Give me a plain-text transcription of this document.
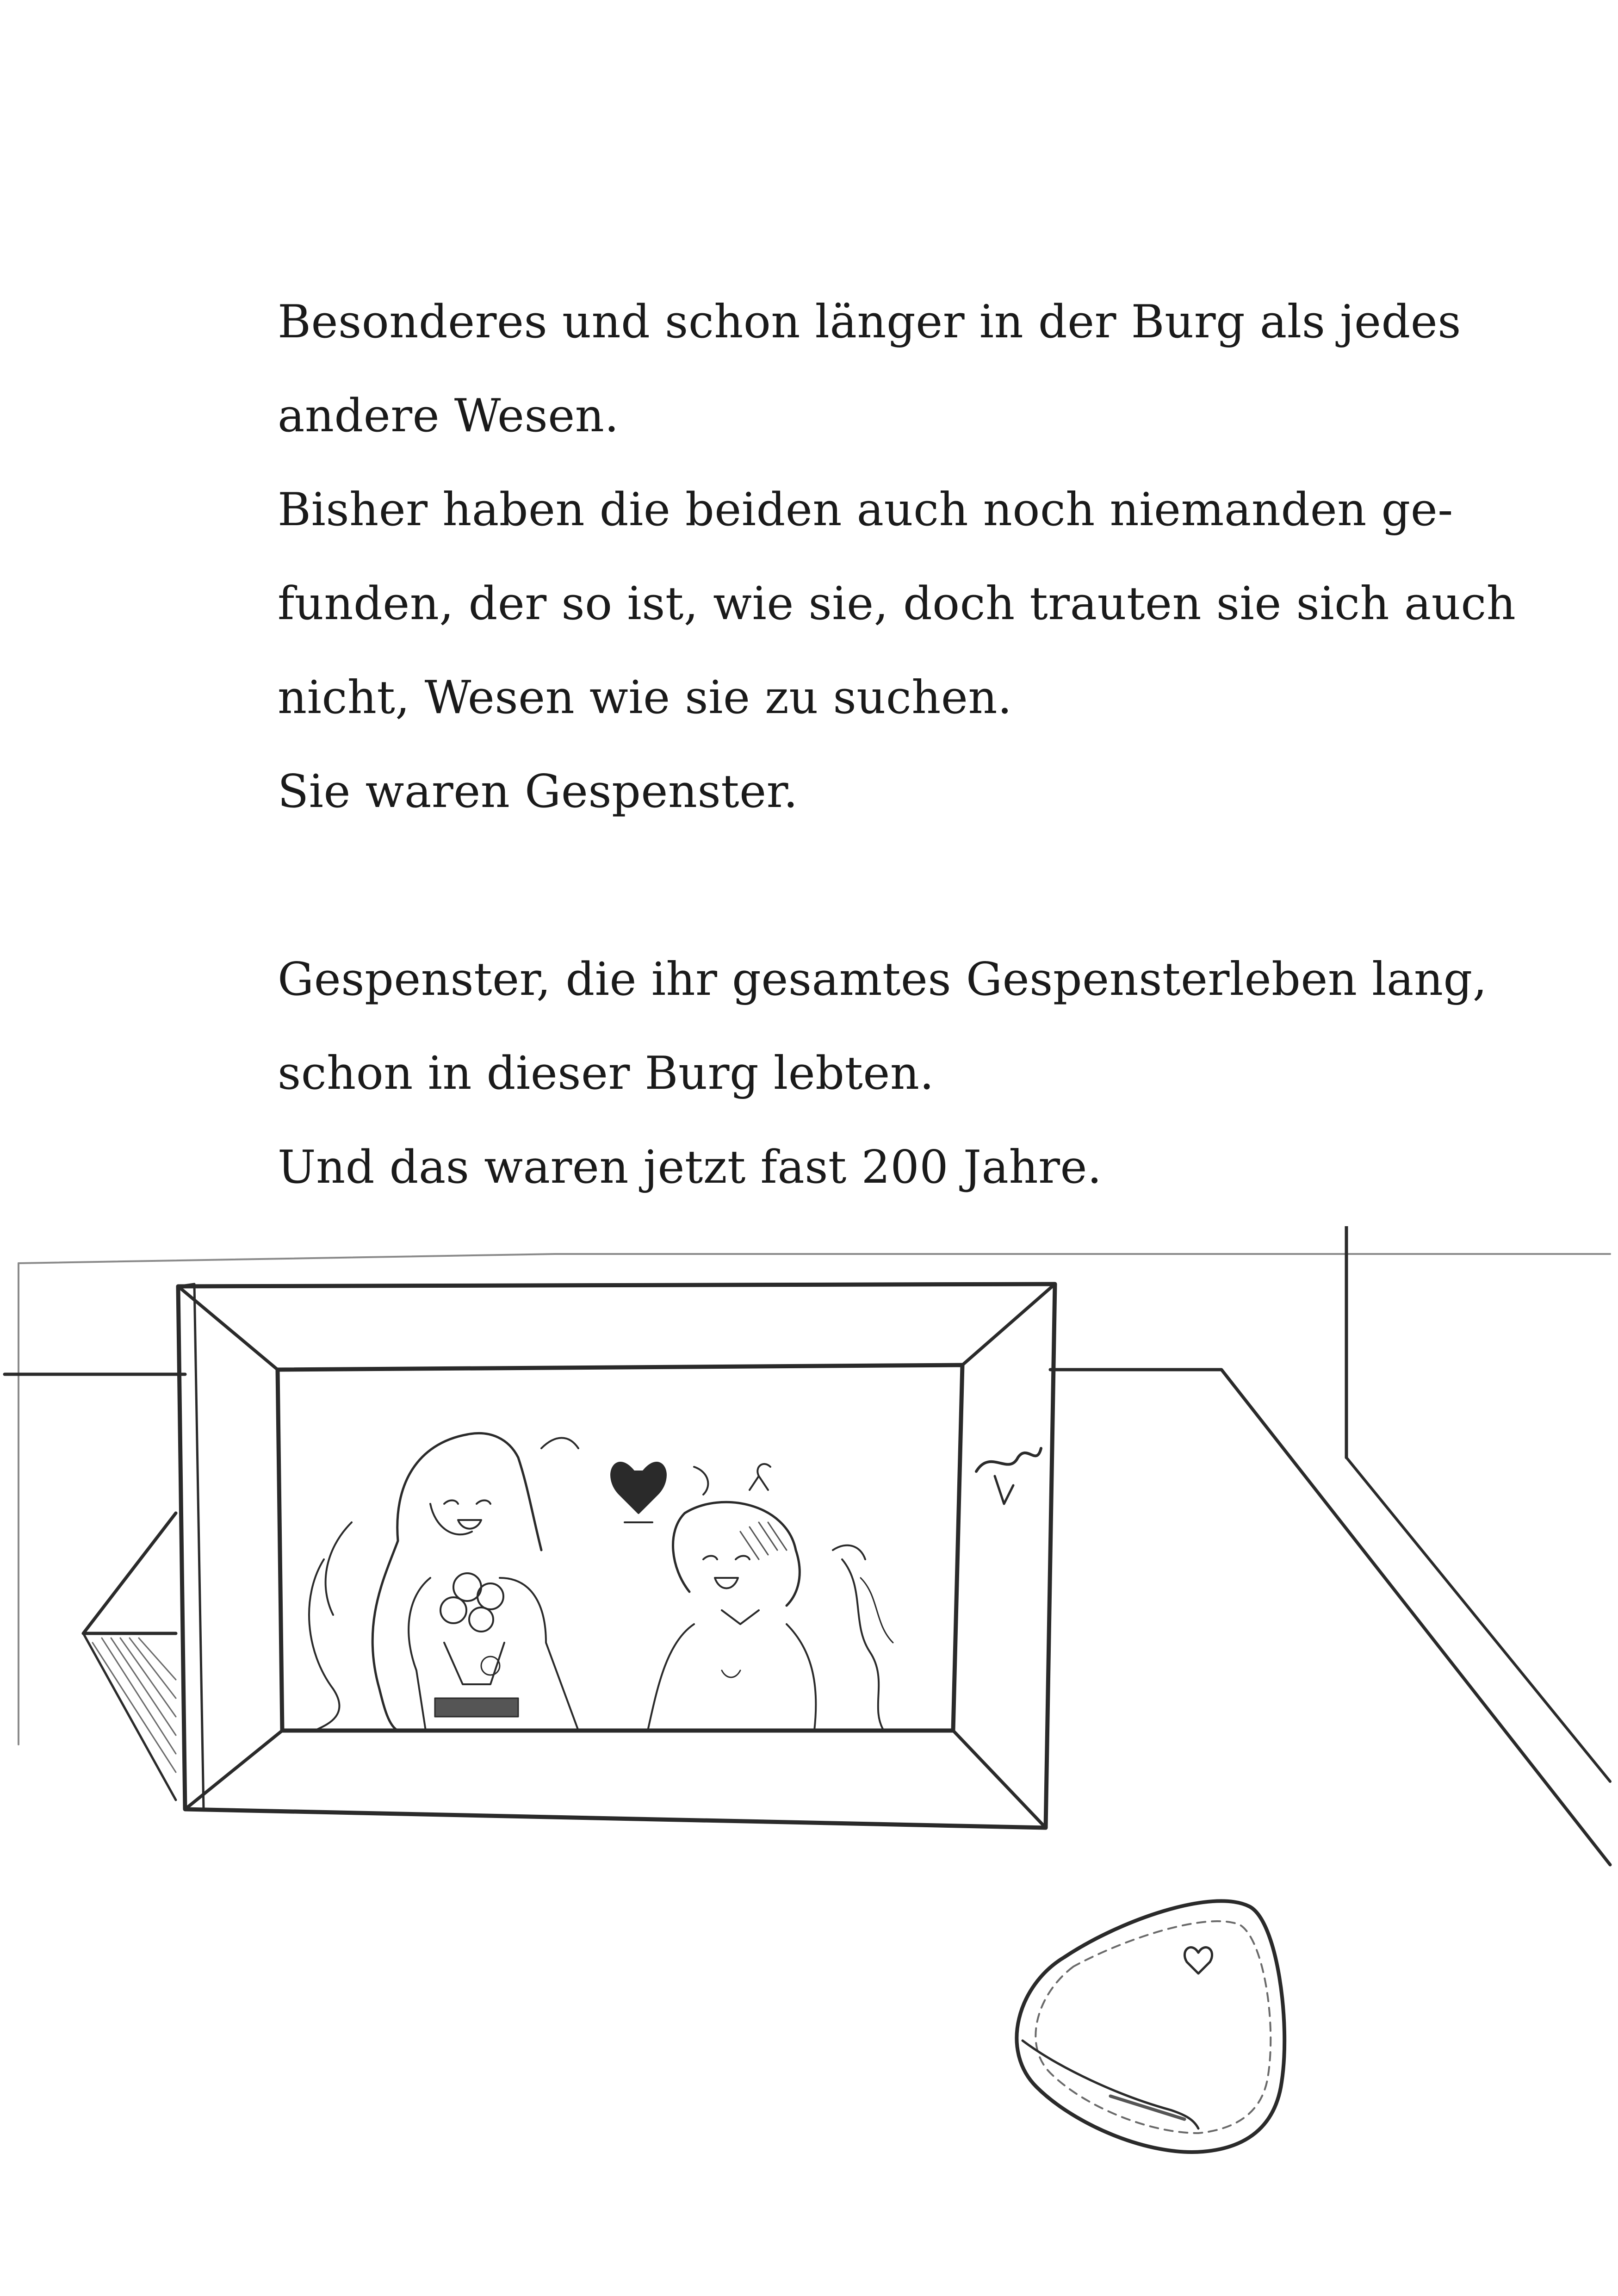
Besonderes und schon länger in der Burg als jedes
andere Wesen.
Bisher haben die beiden auch noch niemanden ge-
funden, der so ist, wie sie, doch trauten sie sich auch
nicht, Wesen wie sie zu suchen.
Sie waren Gespenster.
Gespenster, die ihr gesamtes Gespensterleben lang,
schon in dieser Burg lebten.
Und das waren jetzt fast 200 Jahre.
